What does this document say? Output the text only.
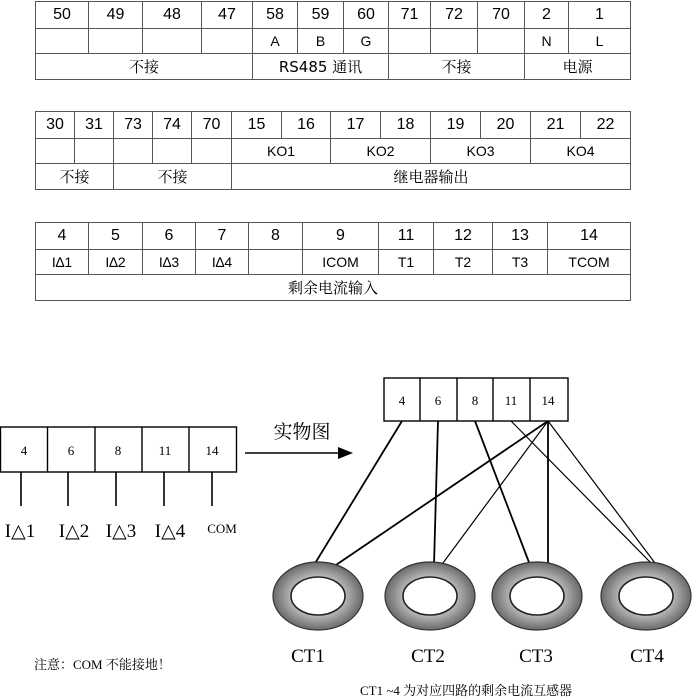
50	49	48	47	58	59	60	71	72	70	2	1
				A	B	G				N	L
不接				RS485 通讯			不接			电源	
30	31	73	74	70	15	16	17	18	19	20	21	22
					KO1		KO2		KO3		KO4	
不接		不接			继电器输出							
4	5	6	7	8	9	11	12	13	14
I∆1	I∆2	I∆3	I∆4		ICOM	T1	T2	T3	TCOM
剩余电流输入									
4	6	8	11	14
I△1 I△2 I△3 I△4 COM
实物图
4 6 8 11 14
CT1	CT2	CT3	CT4
注意：COM 不能接地！
CT1 ~4 为对应四路的剩余电流互感器
